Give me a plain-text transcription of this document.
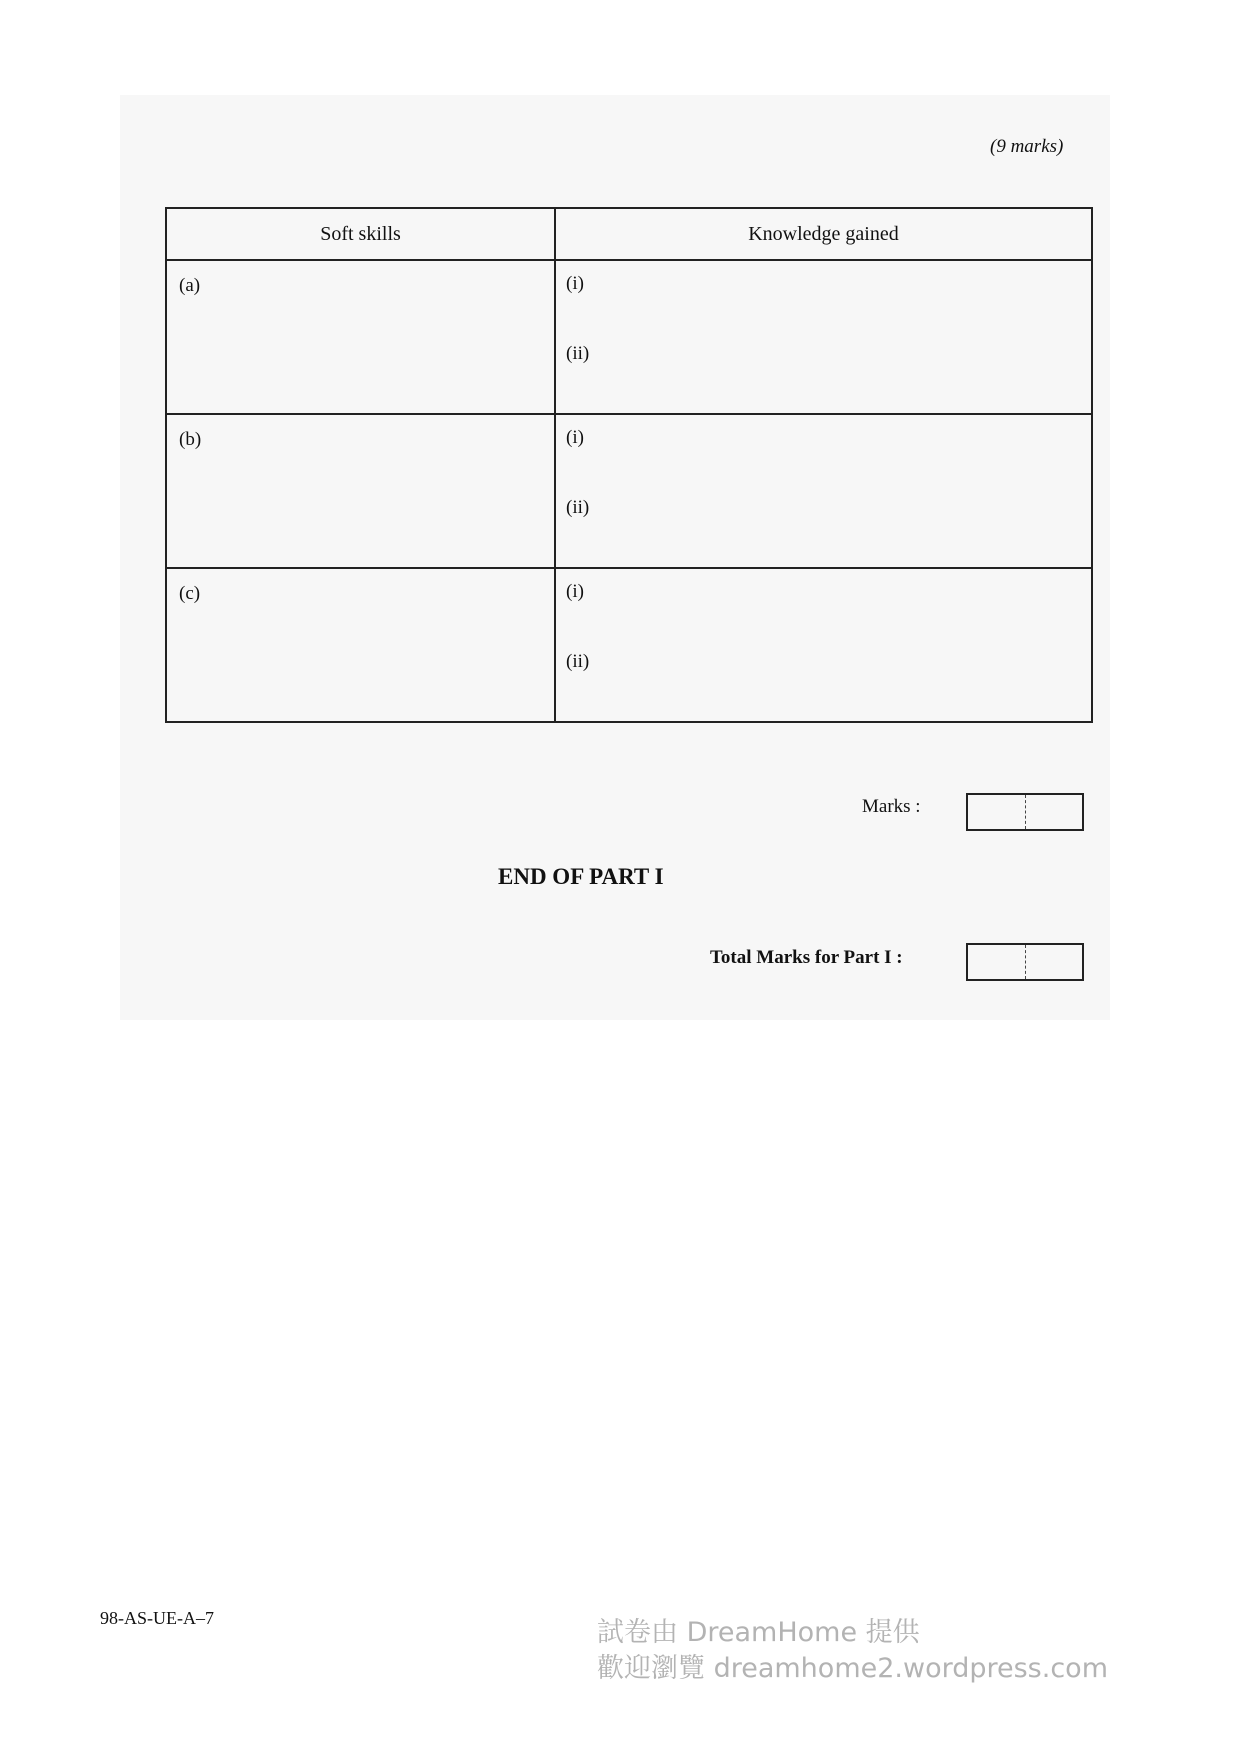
(9 marks)
Soft skills	Knowledge gained

(a)	(i)
(ii)

(b)	(i)
(ii)

(c)	(i)
(ii)
Marks :
END OF PART I
Total Marks for Part I :
98-AS-UE-A–7	試卷由 DreamHome 提供
歡迎瀏覽 dreamhome2.wordpress.com
